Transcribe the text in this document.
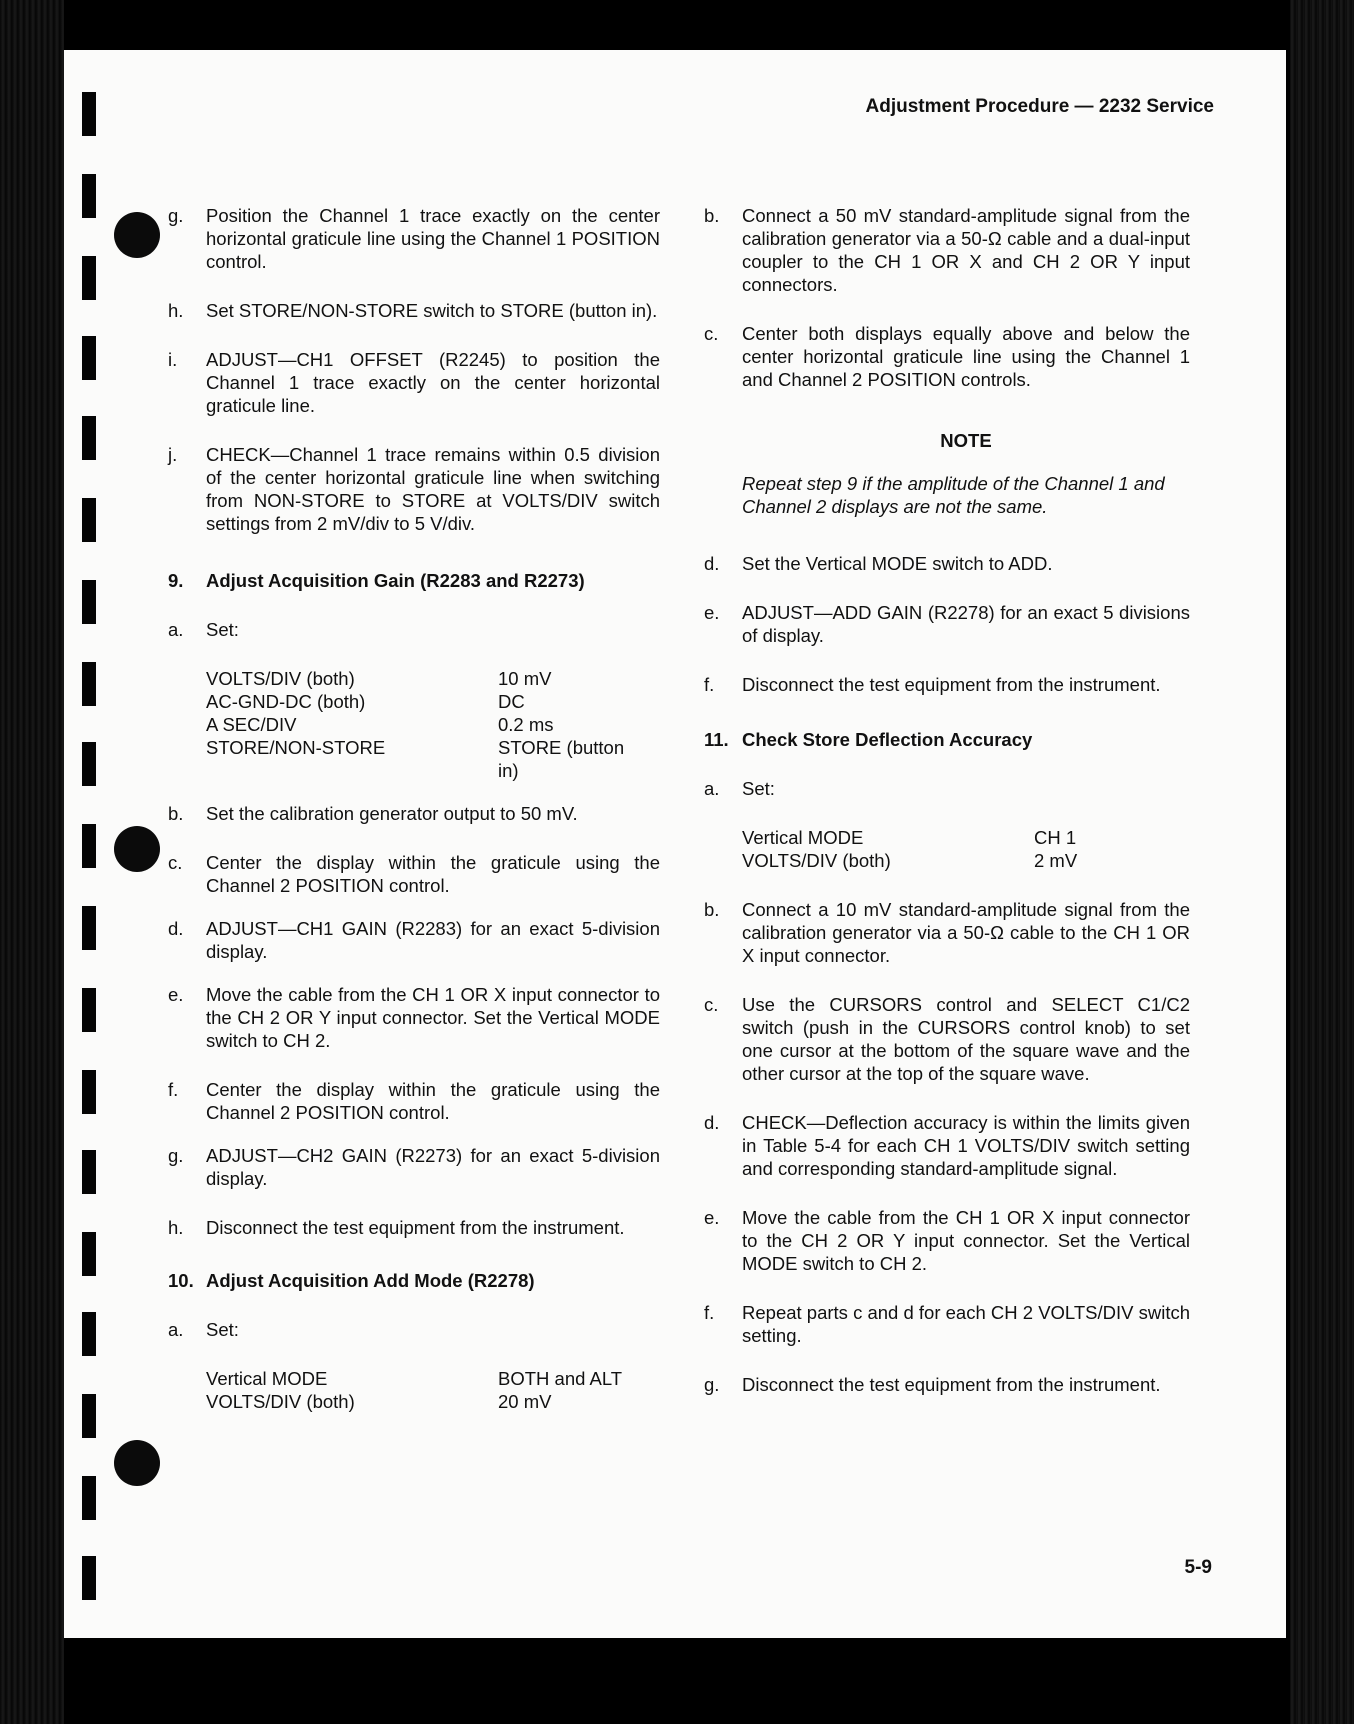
Adjustment Procedure — 2232 Service
g.	Position the Channel 1 trace exactly on the center horizontal graticule line using the Channel 1 POSITION control.
h.	Set STORE/NON-STORE switch to STORE (button in).
i.	ADJUST—CH1 OFFSET (R2245) to position the Channel 1 trace exactly on the center horizontal graticule line.
j.	CHECK—Channel 1 trace remains within 0.5 division of the center horizontal graticule line when switching from NON-STORE to STORE at VOLTS/DIV switch settings from 2 mV/div to 5 V/div.
9.	Adjust Acquisition Gain (R2283 and R2273)
a.	Set:
VOLTS/DIV (both)	10 mV
AC-GND-DC (both)	DC
A SEC/DIV	0.2 ms
STORE/NON-STORE	STORE (button in)
b.	Set the calibration generator output to 50 mV.
c.	Center the display within the graticule using the Channel 2 POSITION control.
d.	ADJUST—CH1 GAIN (R2283) for an exact 5-division display.
e.	Move the cable from the CH 1 OR X input connector to the CH 2 OR Y input connector. Set the Vertical MODE switch to CH 2.
f.	Center the display within the graticule using the Channel 2 POSITION control.
g.	ADJUST—CH2 GAIN (R2273) for an exact 5-division display.
h.	Disconnect the test equipment from the instrument.
10. Adjust Acquisition Add Mode (R2278)
a.	Set:
Vertical MODE	BOTH and ALT
VOLTS/DIV (both)	20 mV
b.	Connect a 50 mV standard-amplitude signal from the calibration generator via a 50-Ω cable and a dual-input coupler to the CH 1 OR X and CH 2 OR Y input connectors.
c.	Center both displays equally above and below the center horizontal graticule line using the Channel 1 and Channel 2 POSITION controls.
NOTE
Repeat step 9 if the amplitude of the Channel 1 and Channel 2 displays are not the same.
d.	Set the Vertical MODE switch to ADD.
e.	ADJUST—ADD GAIN (R2278) for an exact 5 divisions of display.
f.	Disconnect the test equipment from the instrument.
11. Check Store Deflection Accuracy
a.	Set:
Vertical MODE	CH 1
VOLTS/DIV (both)	2 mV
b.	Connect a 10 mV standard-amplitude signal from the calibration generator via a 50-Ω cable to the CH 1 OR X input connector.
c.	Use the CURSORS control and SELECT C1/C2 switch (push in the CURSORS control knob) to set one cursor at the bottom of the square wave and the other cursor at the top of the square wave.
d.	CHECK—Deflection accuracy is within the limits given in Table 5-4 for each CH 1 VOLTS/DIV switch setting and corresponding standard-amplitude signal.
e.	Move the cable from the CH 1 OR X input connector to the CH 2 OR Y input connector. Set the Vertical MODE switch to CH 2.
f.	Repeat parts c and d for each CH 2 VOLTS/DIV switch setting.
g.	Disconnect the test equipment from the instrument.
5-9
